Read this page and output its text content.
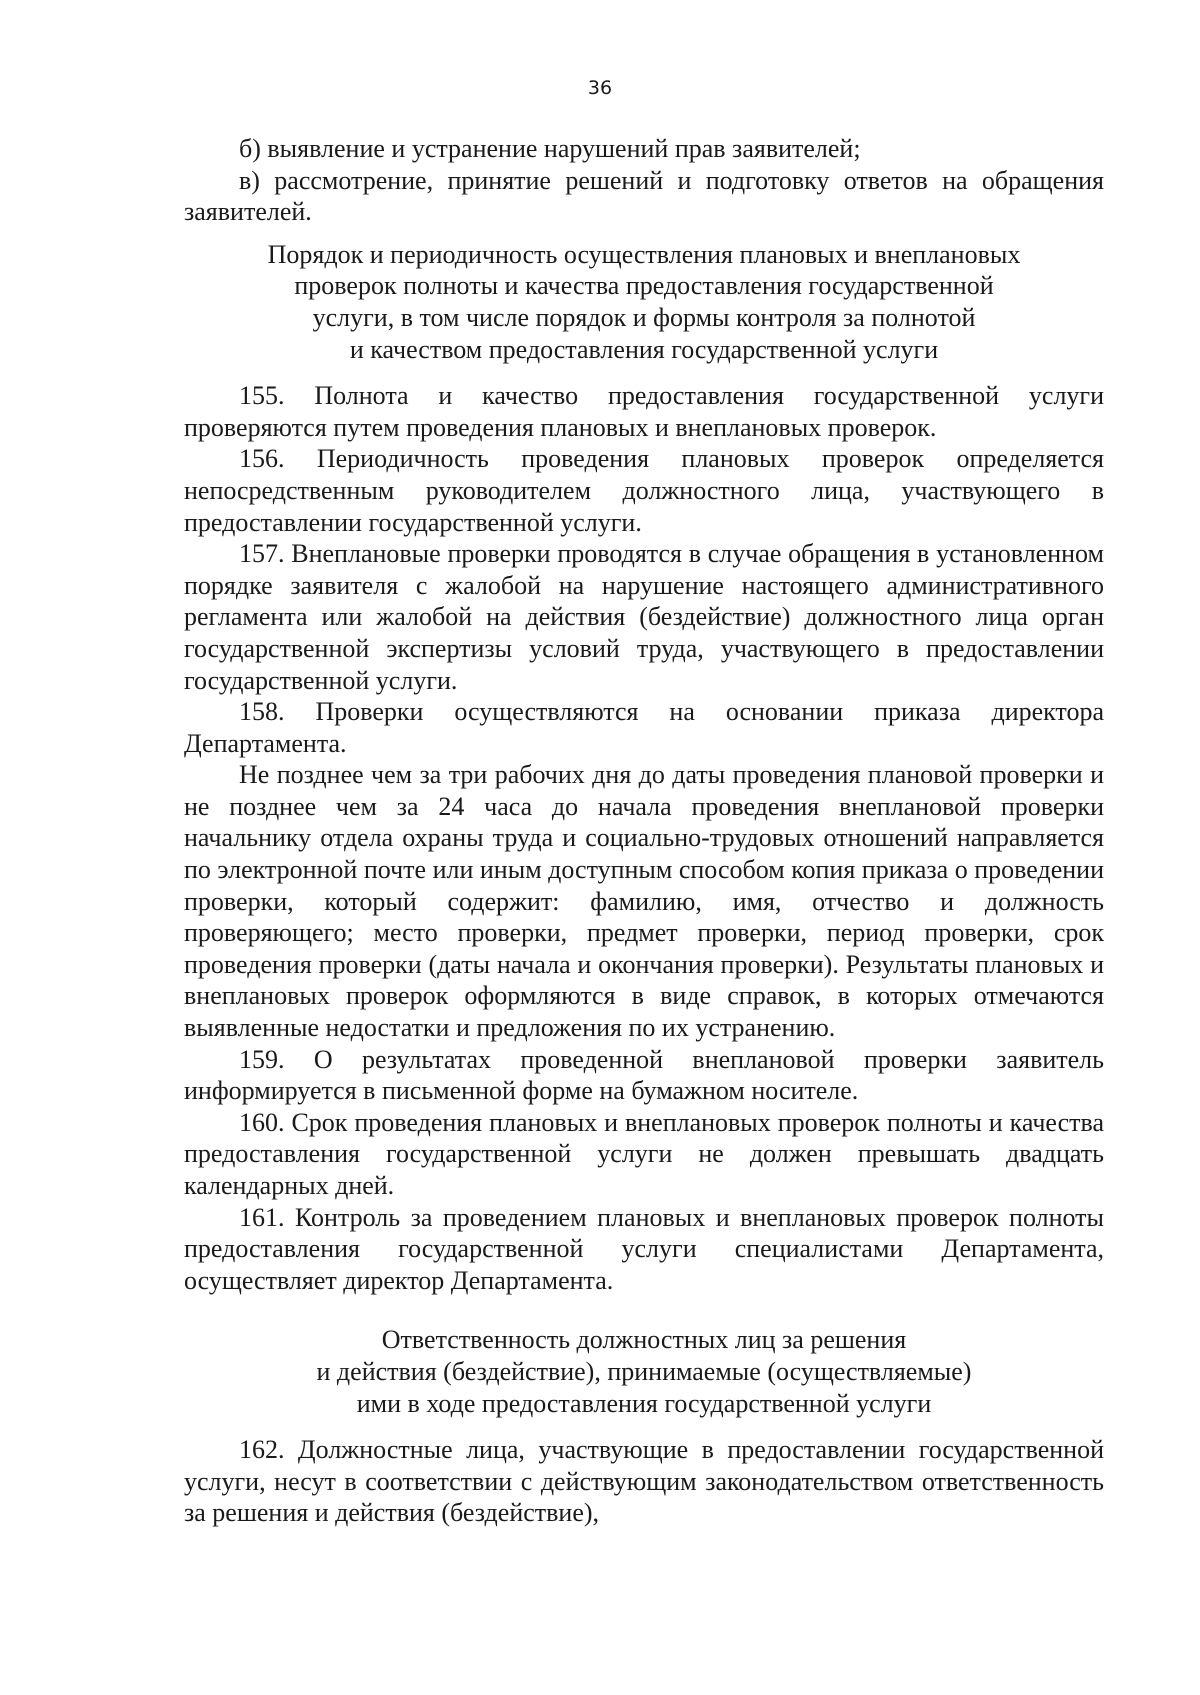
36

б) выявление и устранение нарушений прав заявителей;

в) рассмотрение, принятие решений и подготовку ответов на обращения заявителей.

Порядок и периодичность осуществления плановых и внеплановых
проверок полноты и качества предоставления государственной
услуги, в том числе порядок и формы контроля за полнотой
и качеством предоставления государственной услуги

155. Полнота и качество предоставления государственной услуги проверяются путем проведения плановых и внеплановых проверок.

156. Периодичность проведения плановых проверок определяется непосредственным руководителем должностного лица, участвующего в предоставлении государственной услуги.

157. Внеплановые проверки проводятся в случае обращения в установленном порядке заявителя с жалобой на нарушение настоящего административного регламента или жалобой на действия (бездействие) должностного лица орган государственной экспертизы условий труда, участвующего в предоставлении государственной услуги.

158. Проверки осуществляются на основании приказа директора Департамента.

Не позднее чем за три рабочих дня до даты проведения плановой проверки и не позднее чем за 24 часа до начала проведения внеплановой проверки начальнику отдела охраны труда и социально-трудовых отношений направляется по электронной почте или иным доступным способом копия приказа о проведении проверки, который содержит: фамилию, имя, отчество и должность проверяющего; место проверки, предмет проверки, период проверки, срок проведения проверки (даты начала и окончания проверки). Результаты плановых и внеплановых проверок оформляются в виде справок, в которых отмечаются выявленные недостатки и предложения по их устранению.

159. О результатах проведенной внеплановой проверки заявитель информируется в письменной форме на бумажном носителе.

160. Срок проведения плановых и внеплановых проверок полноты и качества предоставления государственной услуги не должен превышать двадцать календарных дней.

161. Контроль за проведением плановых и внеплановых проверок полноты предоставления государственной услуги специалистами Департамента, осуществляет директор Департамента.

Ответственность должностных лиц за решения
и действия (бездействие), принимаемые (осуществляемые)
ими в ходе предоставления государственной услуги

162. Должностные лица, участвующие в предоставлении государственной услуги, несут в соответствии с действующим законодательством ответственность за решения и действия (бездействие),
